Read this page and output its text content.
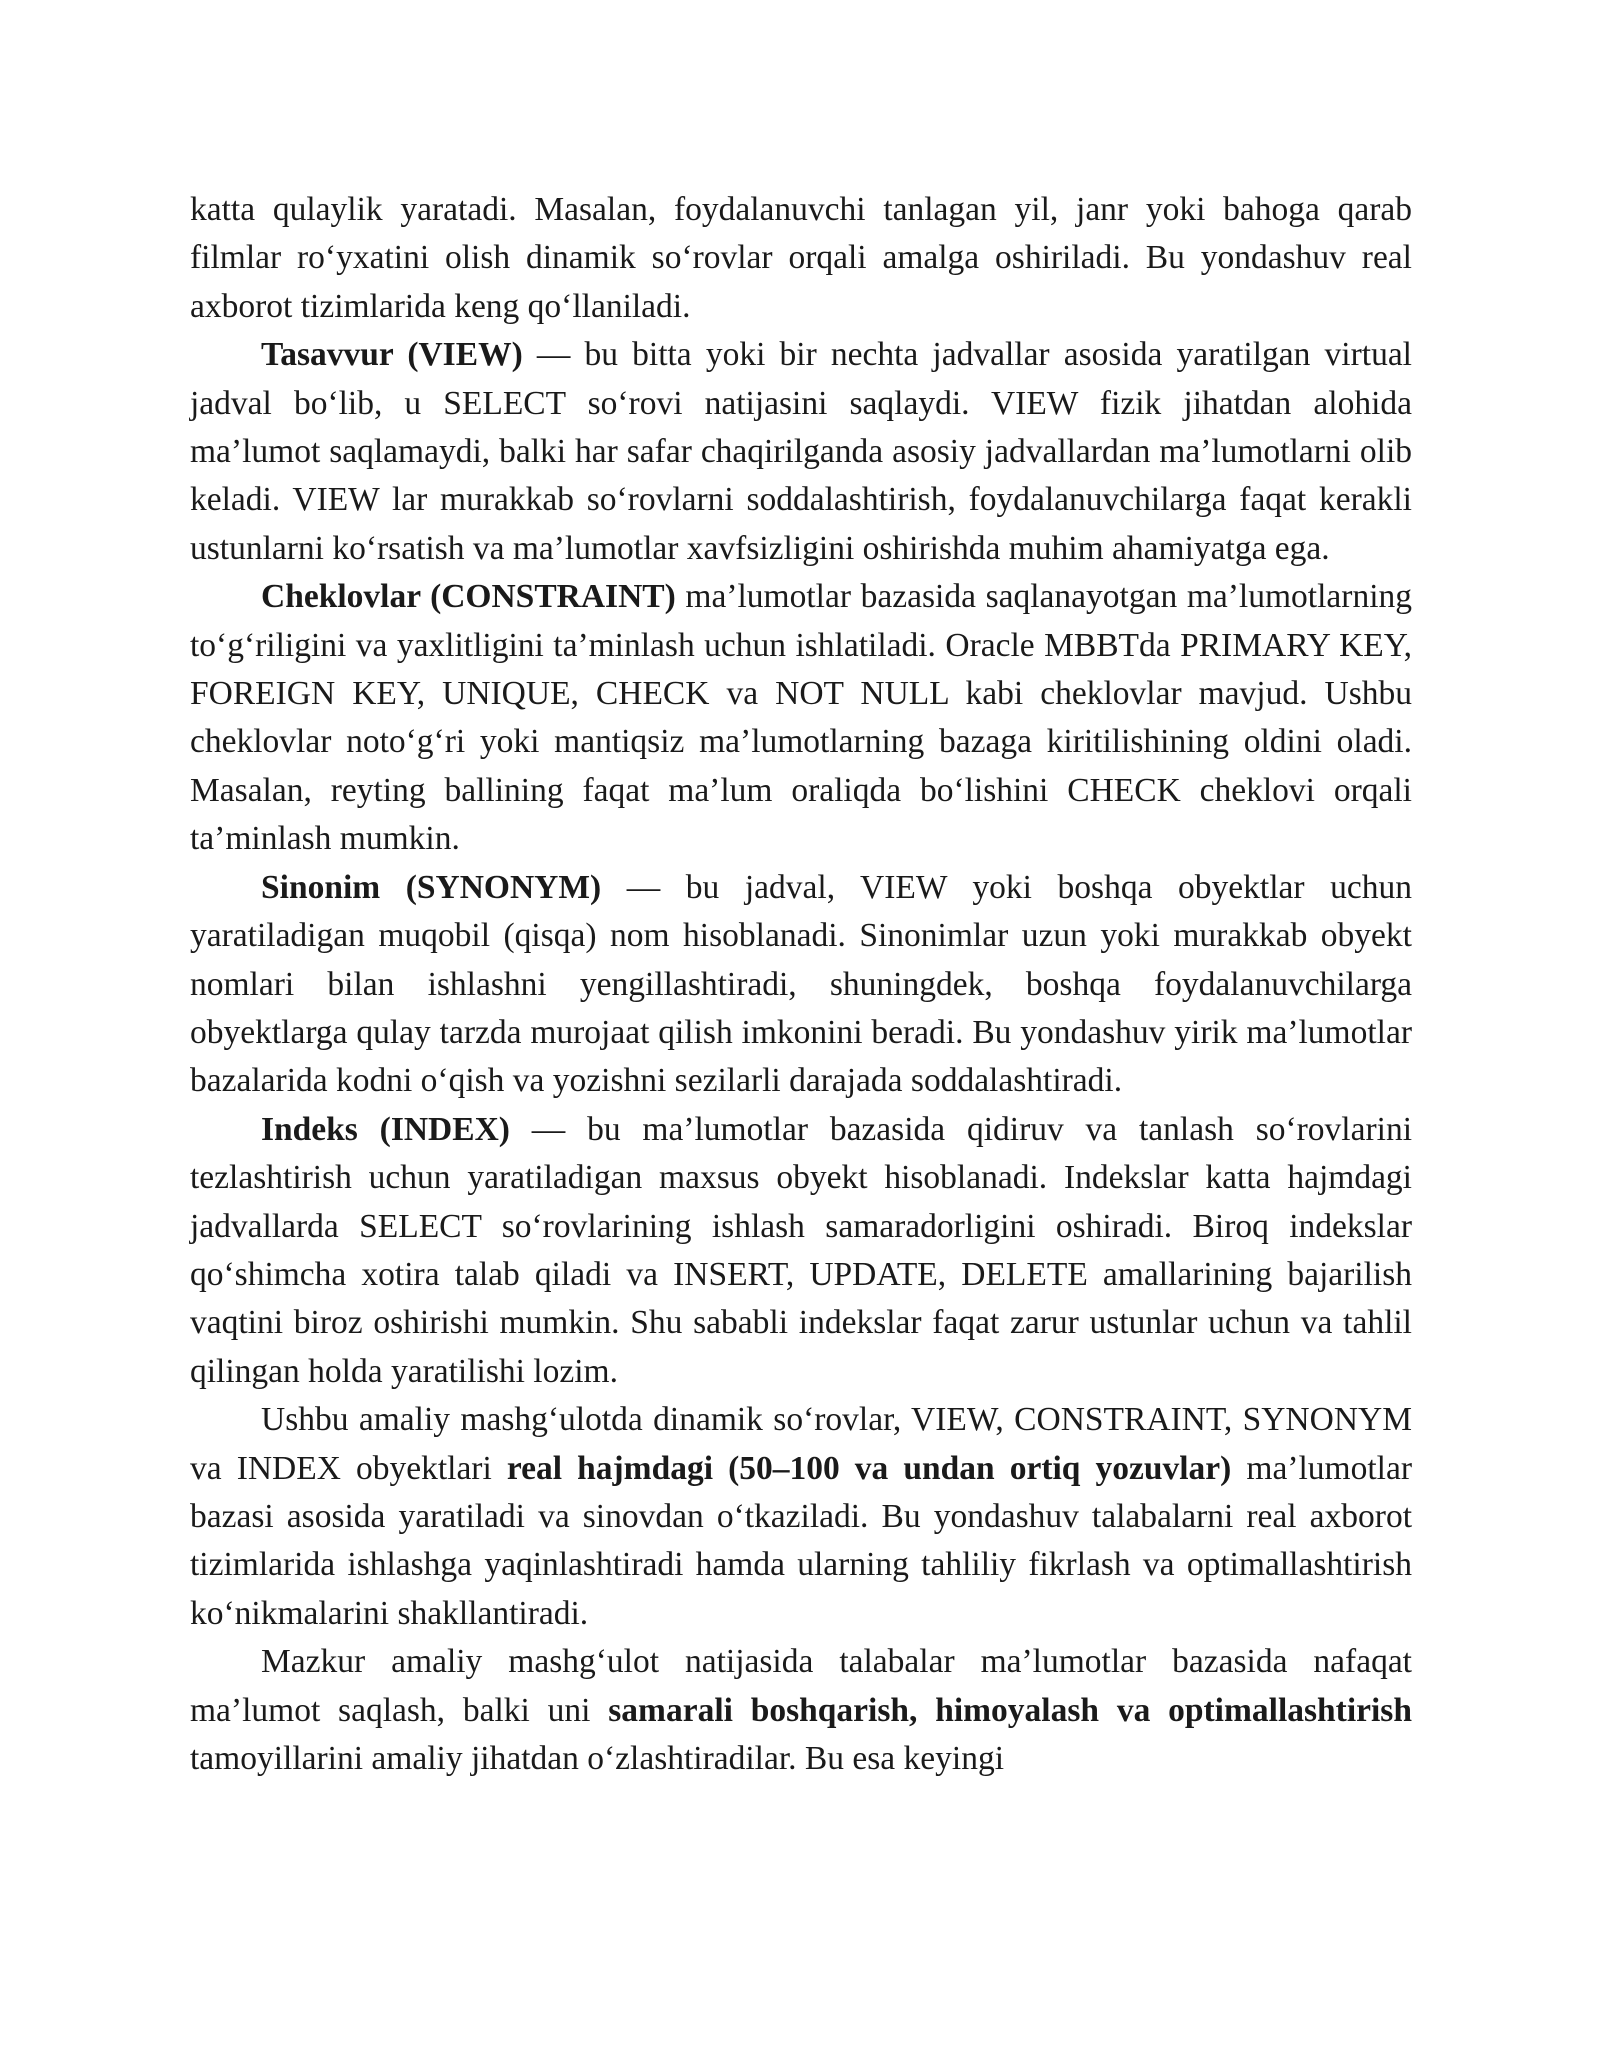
katta qulaylik yaratadi. Masalan, foydalanuvchi tanlagan yil, janr yoki bahoga qarab filmlar ro‘yxatini olish dinamik so‘rovlar orqali amalga oshiriladi. Bu yondashuv real axborot tizimlarida keng qo‘llaniladi.

Tasavvur (VIEW) — bu bitta yoki bir nechta jadvallar asosida yaratilgan virtual jadval bo‘lib, u SELECT so‘rovi natijasini saqlaydi. VIEW fizik jihatdan alohida ma’lumot saqlamaydi, balki har safar chaqirilganda asosiy jadvallardan ma’lumotlarni olib keladi. VIEW lar murakkab so‘rovlarni soddalashtirish, foydalanuvchilarga faqat kerakli ustunlarni ko‘rsatish va ma’lumotlar xavfsizligini oshirishda muhim ahamiyatga ega.

Cheklovlar (CONSTRAINT) ma’lumotlar bazasida saqlanayotgan ma’lumotlarning to‘g‘riligini va yaxlitligini ta’minlash uchun ishlatiladi. Oracle MBBTda PRIMARY KEY, FOREIGN KEY, UNIQUE, CHECK va NOT NULL kabi cheklovlar mavjud. Ushbu cheklovlar noto‘g‘ri yoki mantiqsiz ma’lumotlarning bazaga kiritilishining oldini oladi. Masalan, reyting ballining faqat ma’lum oraliqda bo‘lishini CHECK cheklovi orqali ta’minlash mumkin.

Sinonim (SYNONYM) — bu jadval, VIEW yoki boshqa obyektlar uchun yaratiladigan muqobil (qisqa) nom hisoblanadi. Sinonimlar uzun yoki murakkab obyekt nomlari bilan ishlashni yengillashtiradi, shuningdek, boshqa foydalanuvchilarga obyektlarga qulay tarzda murojaat qilish imkonini beradi. Bu yondashuv yirik ma’lumotlar bazalarida kodni o‘qish va yozishni sezilarli darajada soddalashtiradi.

Indeks (INDEX) — bu ma’lumotlar bazasida qidiruv va tanlash so‘rovlarini tezlashtirish uchun yaratiladigan maxsus obyekt hisoblanadi. Indekslar katta hajmdagi jadvallarda SELECT so‘rovlarining ishlash samaradorligini oshiradi. Biroq indekslar qo‘shimcha xotira talab qiladi va INSERT, UPDATE, DELETE amallarining bajarilish vaqtini biroz oshirishi mumkin. Shu sababli indekslar faqat zarur ustunlar uchun va tahlil qilingan holda yaratilishi lozim.

Ushbu amaliy mashg‘ulotda dinamik so‘rovlar, VIEW, CONSTRAINT, SYNONYM va INDEX obyektlari real hajmdagi (50–100 va undan ortiq yozuvlar) ma’lumotlar bazasi asosida yaratiladi va sinovdan o‘tkaziladi. Bu yondashuv talabalarni real axborot tizimlarida ishlashga yaqinlashtiradi hamda ularning tahliliy fikrlash va optimallashtirish ko‘nikmalarini shakllantiradi.

Mazkur amaliy mashg‘ulot natijasida talabalar ma’lumotlar bazasida nafaqat ma’lumot saqlash, balki uni samarali boshqarish, himoyalash va optimallashtirish tamoyillarini amaliy jihatdan o‘zlashtiradilar. Bu esa keyingi
